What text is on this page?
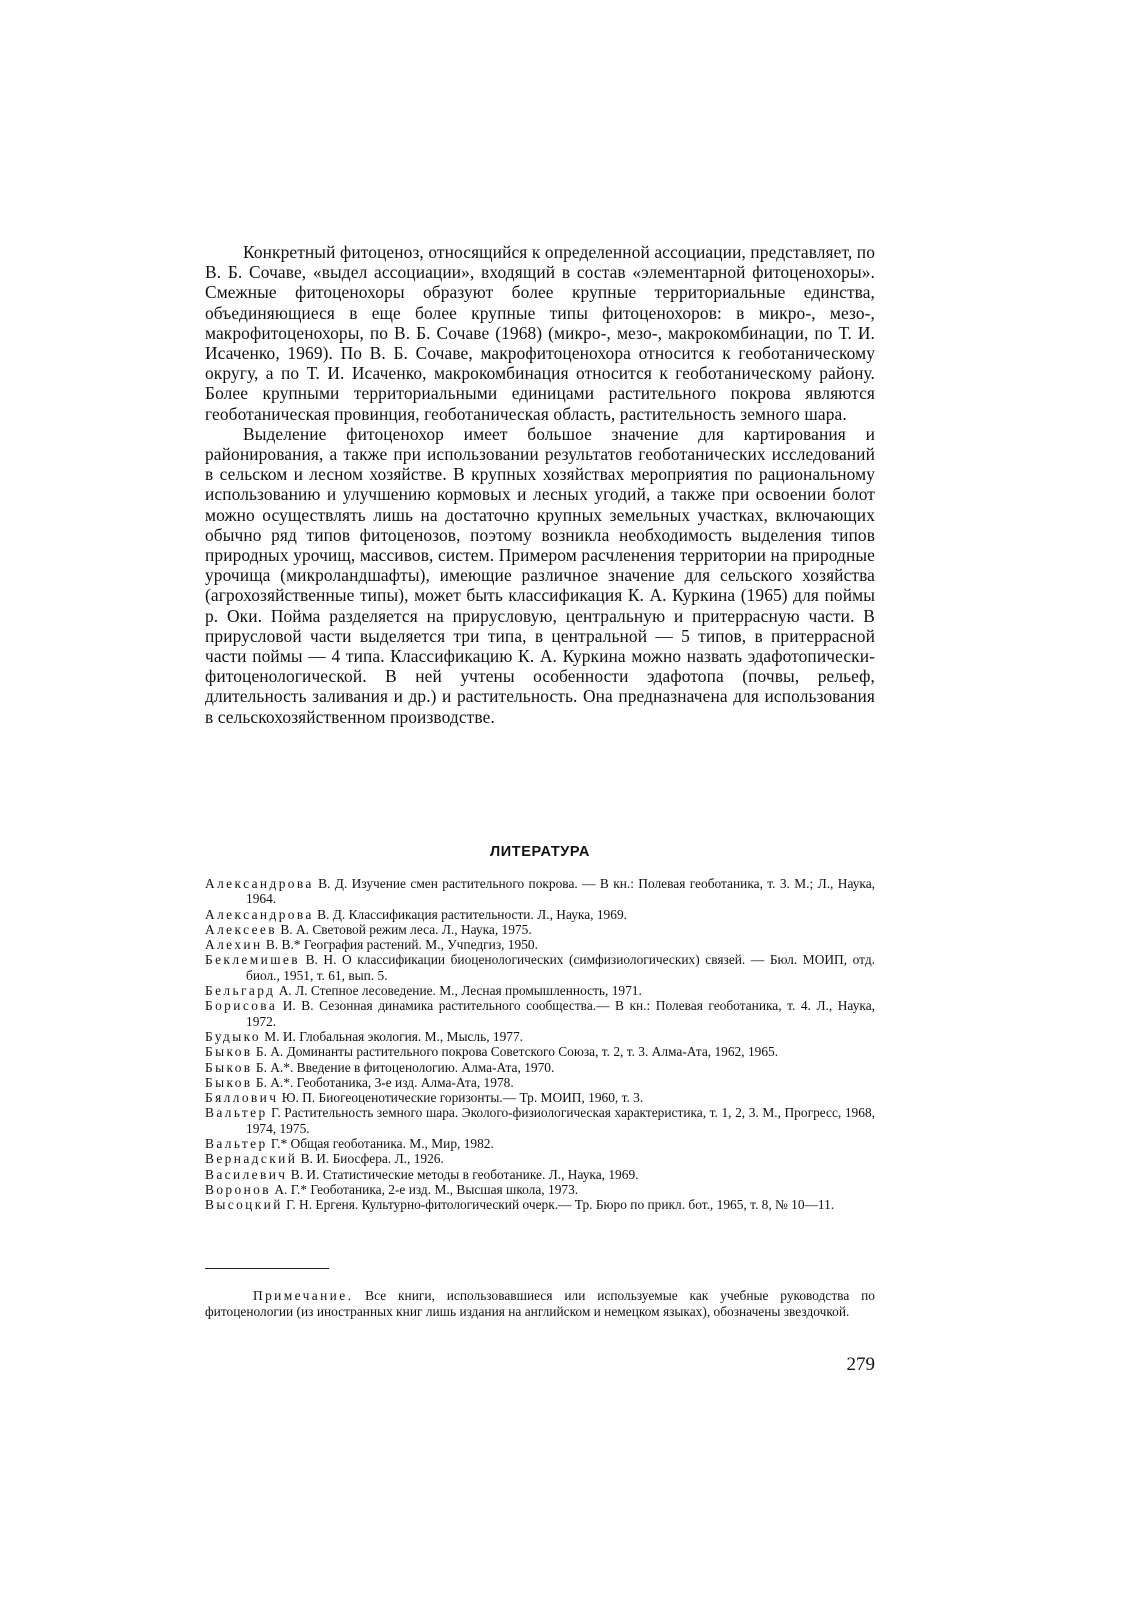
Конкретный фитоценоз, относящийся к определенной ассоциации, представляет, по В. Б. Сочаве, «выдел ассоциации», входящий в состав «элементарной фитоценохоры». Смежные фитоценохоры образуют более крупные территориальные единства, объединяющиеся в еще более крупные типы фитоценохоров: в микро-, мезо-, макрофитоценохоры, по В. Б. Сочаве (1968) (микро-, мезо-, макрокомбинации, по Т. И. Исаченко, 1969). По В. Б. Сочаве, макрофитоценохора относится к геоботаническому округу, а по Т. И. Исаченко, макрокомбинация относится к геоботаническому району. Более крупными территориальными единицами растительного покрова являются геоботаническая провинция, геоботаническая область, растительность земного шара.

Выделение фитоценохор имеет большое значение для картирования и районирования, а также при использовании результатов геоботанических исследований в сельском и лесном хозяйстве. В крупных хозяйствах мероприятия по рациональному использованию и улучшению кормовых и лесных угодий, а также при освоении болот можно осуществлять лишь на достаточно крупных земельных участках, включающих обычно ряд типов фитоценозов, поэтому возникла необходимость выделения типов природных урочищ, массивов, систем. Примером расчленения территории на природные урочища (микроландшафты), имеющие различное значение для сельского хозяйства (агрохозяйственные типы), может быть классификация К. А. Куркина (1965) для поймы р. Оки. Пойма разделяется на прирусловую, центральную и притеррасную части. В прирусловой части выделяется три типа, в центральной — 5 типов, в притеррасной части поймы — 4 типа. Классификацию К. А. Куркина можно назвать эдафотопически-фитоценологической. В ней учтены особенности эдафотопа (почвы, рельеф, длительность заливания и др.) и растительность. Она предназначена для использования в сельскохозяйственном производстве.

ЛИТЕРАТУРА
Александрова В. Д. Изучение смен растительного покрова. — В кн.: Полевая геоботаника, т. 3. М.; Л., Наука, 1964.
Александрова В. Д. Классификация растительности. Л., Наука, 1969.
Алексеев В. А. Световой режим леса. Л., Наука, 1975.
Алехин В. В.* География растений. М., Учпедгиз, 1950.
Беклемишев В. Н. О классификации биоценологических (симфизиологических) связей. — Бюл. МОИП, отд. биол., 1951, т. 61, вып. 5.
Бельгард А. Л. Степное лесоведение. М., Лесная промышленность, 1971.
Борисова И. В. Сезонная динамика растительного сообщества.— В кн.: Полевая геоботаника, т. 4. Л., Наука, 1972.
Будыко М. И. Глобальная экология. М., Мысль, 1977.
Быков Б. А. Доминанты растительного покрова Советского Союза, т. 2, т. 3. Алма-Ата, 1962, 1965.
Быков Б. А.*. Введение в фитоценологию. Алма-Ата, 1970.
Быков Б. А.*. Геоботаника, 3-е изд. Алма-Ата, 1978.
Бяллович Ю. П. Биогеоценотические горизонты.— Тр. МОИП, 1960, т. 3.
Вальтер Г. Растительность земного шара. Эколого-физиологическая характеристика, т. 1, 2, 3. М., Прогресс, 1968, 1974, 1975.
Вальтер Г.* Общая геоботаника. М., Мир, 1982.
Вернадский В. И. Биосфера. Л., 1926.
Василевич В. И. Статистические методы в геоботанике. Л., Наука, 1969.
Воронов А. Г.* Геоботаника, 2-е изд. М., Высшая школа, 1973.
Высоцкий Г. Н. Ергеня. Культурно-фитологический очерк.— Тр. Бюро по прикл. бот., 1965, т. 8, № 10—11.

Примечание. Все книги, использовавшиеся или используемые как учебные руководства по фитоценологии (из иностранных книг лишь издания на английском и немецком языках), обозначены звездочкой.

279
